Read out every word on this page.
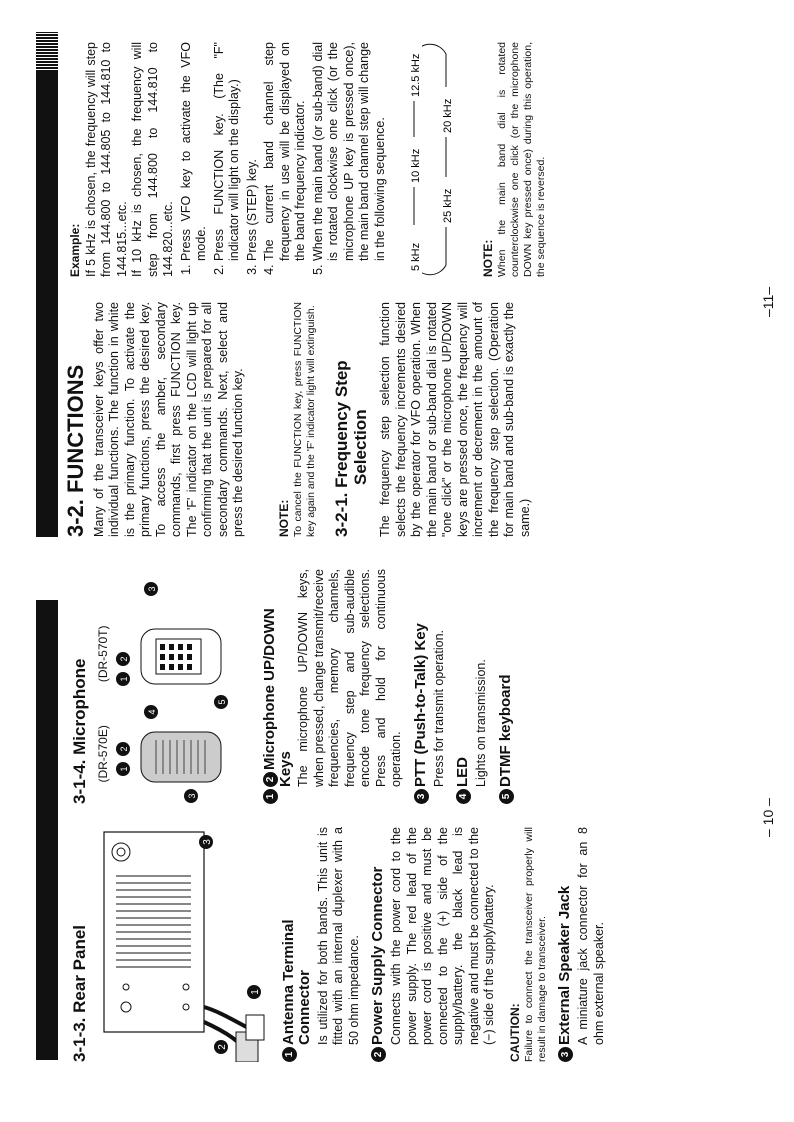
3-1-3. Rear Panel
3
2
1
1Antenna Terminal
Connector Is utilized for both bands. This unit is fitted with an internal duplexer with a 50 ohm impedance.

2Power Supply Connector Connects with the power cord to the power supply. The red lead of the power cord is positive and must be connected to the (+) side of the supply/battery. the black lead is negative and must be connected to the (−) side of the supply/battery. CAUTION: Failure to connect the transceiver properly will result in damage to transceiver.	3External Speaker Jack A miniature jack connector for an 8 ohm external speaker.

3-1-4. Microphone (DR-570E)
(DR-570T)
1
2
3
4
1
2
5
3
12Microphone UP/DOWN
Keys The microphone UP/DOWN keys, when pressed, change transmit/receive frequencies, memory channels, frequency step and sub-audible encode tone frequency selections. Press and hold for continuous operation.

3PTT (Push-to-Talk) Key Press for transmit operation.

4LED Lights on transmission.

5DTMF keyboard
3-2. FUNCTIONS Many of the transceiver keys offer two individual functions. The function in white is the primary function. To activate the primary functions, press the desired key. To access the amber, secondary commands, first press FUNCTION key. The 'F' indicator on the LCD will light up confirming that the unit is prepared for all secondary commands. Next, select and press the desired function key.	NOTE: To cancel the FUNCTION key, press FUNCTION key again and the 'F' indicator light will extinguish. 3-2-1. Frequency Step
Selection The frequency step selection function selects the frequency increments desired by the operator for VFO operation. When the main band or sub-band dial is rotated "one click" or the microphone UP/DOWN keys are pressed once, the frequency will increment or decrement in the amount of the frequency step selection. (Operation for main band and sub-band is exactly the same.)

Example: If 5 kHz is chosen, the frequency will step from 144.800 to 144.805 to 144.810 to 144.815...etc. If 10 kHz is chosen, the frequency will step from 144.800 to 144.810 to 144.820...etc. 1. Press VFO key to activate the VFO mode. 2. Press FUNCTION key. (The "F" indicator will light on the display.) 3. Press (STEP) key. 4. The current band channel step frequency in use will be displayed on the band frequency indicator. 5. When the main band (or sub-band) dial is rotated clockwise one click (or the microphone UP key is pressed once), the main band channel step will change in the following sequence. 5 kHz
10 kHz
12.5 kHz
20 kHz
25 kHz
NOTE: When the main band dial is rotated counterclockwise one click (or the microphone DOWN key pressed once) during this operation, the sequence is reversed.

– 10 –
–11–
